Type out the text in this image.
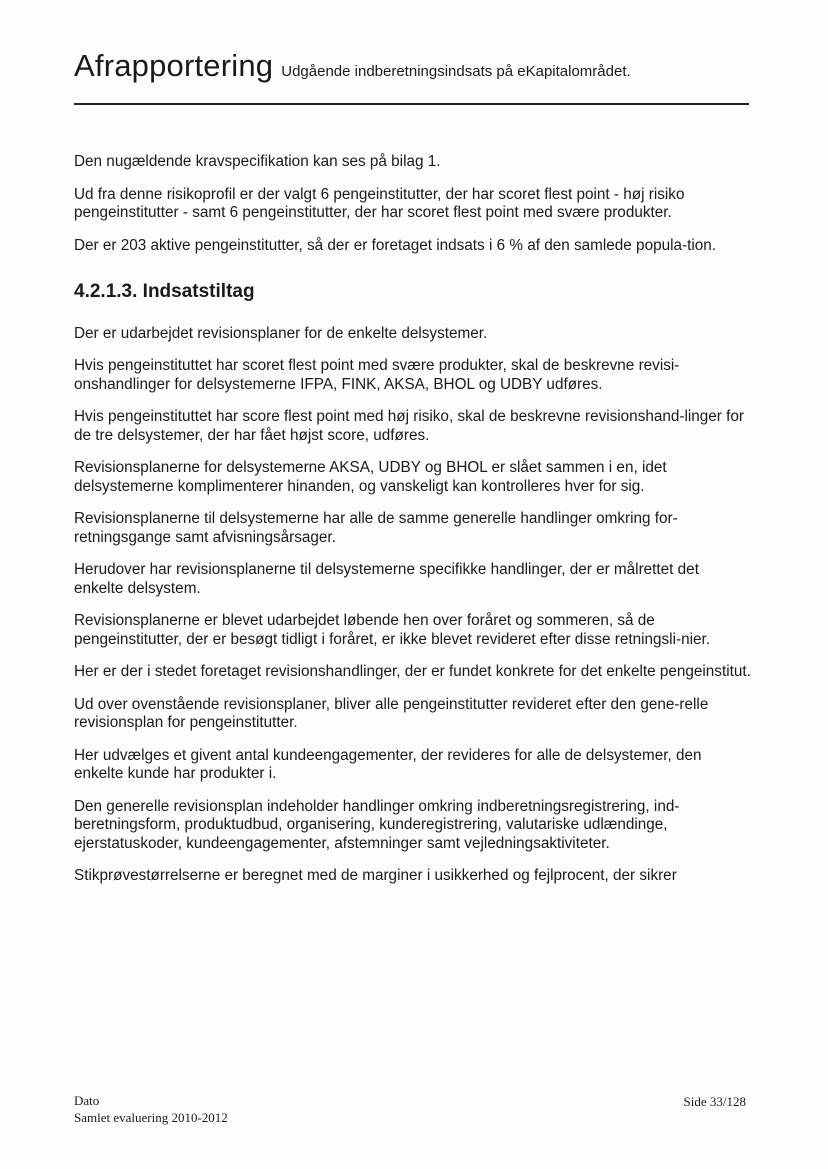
Afrapportering Udgående indberetningsindsats på eKapitalområdet.

Den nugældende kravspecifikation kan ses på bilag 1.

Ud fra denne risikoprofil er der valgt 6 pengeinstitutter, der har scoret flest point - høj risiko pengeinstitutter - samt 6 pengeinstitutter, der har scoret flest point med svære produkter.

Der er 203 aktive pengeinstitutter, så der er foretaget indsats i 6 % af den samlede popula-tion.

4.2.1.3. Indsatstiltag

Der er udarbejdet revisionsplaner for de enkelte delsystemer.

Hvis pengeinstituttet har scoret flest point med svære produkter, skal de beskrevne revisi-onshandlinger for delsystemerne IFPA, FINK, AKSA, BHOL og UDBY udføres.

Hvis pengeinstituttet har score flest point med høj risiko, skal de beskrevne revisionshand-linger for de tre delsystemer, der har fået højst score, udføres.

Revisionsplanerne for delsystemerne AKSA, UDBY og BHOL er slået sammen i en, idet delsystemerne komplimenterer hinanden, og vanskeligt kan kontrolleres hver for sig.

Revisionsplanerne til delsystemerne har alle de samme generelle handlinger omkring for-retningsgange samt afvisningsårsager.

Herudover har revisionsplanerne til delsystemerne specifikke handlinger, der er målrettet det enkelte delsystem.

Revisionsplanerne er blevet udarbejdet løbende hen over foråret og sommeren, så de pengeinstitutter, der er besøgt tidligt i foråret, er ikke blevet revideret efter disse retningsli-nier.

Her er der i stedet foretaget revisionshandlinger, der er fundet konkrete for det enkelte pengeinstitut.

Ud over ovenstående revisionsplaner, bliver alle pengeinstitutter revideret efter den gene-relle revisionsplan for pengeinstitutter.

Her udvælges et givent antal kundeengagementer, der revideres for alle de delsystemer, den enkelte kunde har produkter i.

Den generelle revisionsplan indeholder handlinger omkring indberetningsregistrering, ind-beretningsform, produktudbud, organisering, kunderegistrering, valutariske udlændinge, ejerstatuskoder, kundeengagementer, afstemninger samt vejledningsaktiviteter.

Stikprøvestørrelserne er beregnet med de marginer i usikkerhed og fejlprocent, der sikrer

Dato
Samlet evaluering 2010-2012
Side 33/128
